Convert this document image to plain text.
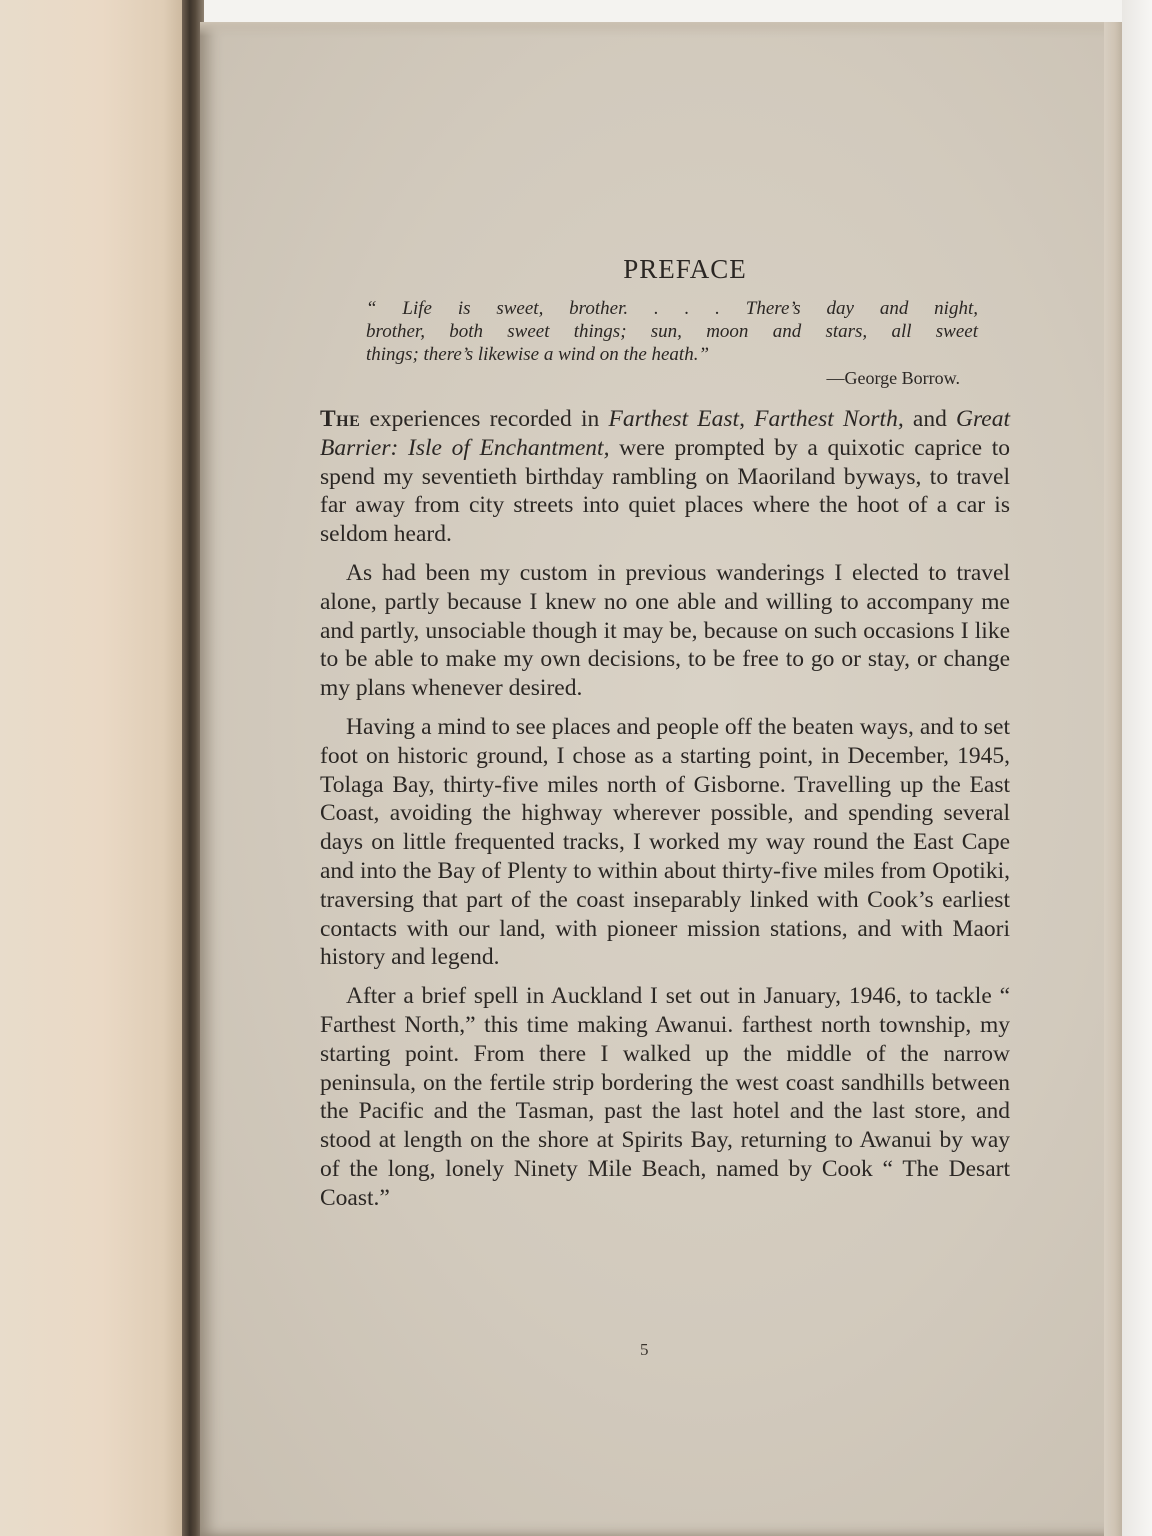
PREFACE
“ Life is sweet, brother. . . . There’s day and night,
brother, both sweet things; sun, moon and stars, all sweet
things; there’s likewise a wind on the heath.”
—George Borrow.

The experiences recorded in Farthest East, Farthest North, and Great Barrier: Isle of Enchantment, were prompted by a quixotic caprice to spend my seventieth birthday rambling on Maoriland byways, to travel far away from city streets into quiet places where the hoot of a car is seldom heard.

As had been my custom in previous wanderings I elected to travel alone, partly because I knew no one able and willing to accompany me and partly, unsociable though it may be, because on such occasions I like to be able to make my own decisions, to be free to go or stay, or change my plans whenever desired.

Having a mind to see places and people off the beaten ways, and to set foot on historic ground, I chose as a starting point, in December, 1945, Tolaga Bay, thirty-five miles north of Gisborne. Travelling up the East Coast, avoiding the highway wherever possible, and spending several days on little frequented tracks, I worked my way round the East Cape and into the Bay of Plenty to within about thirty-five miles from Opotiki, traversing that part of the coast inseparably linked with Cook’s earliest contacts with our land, with pioneer mission stations, and with Maori history and legend.

After a brief spell in Auckland I set out in January, 1946, to tackle “ Farthest North,” this time making Awanui. farthest north township, my starting point. From there I walked up the middle of the narrow peninsula, on the fertile strip bordering the west coast sandhills between the Pacific and the Tasman, past the last hotel and the last store, and stood at length on the shore at Spirits Bay, returning to Awanui by way of the long, lonely Ninety Mile Beach, named by Cook “ The Desart Coast.”

5
